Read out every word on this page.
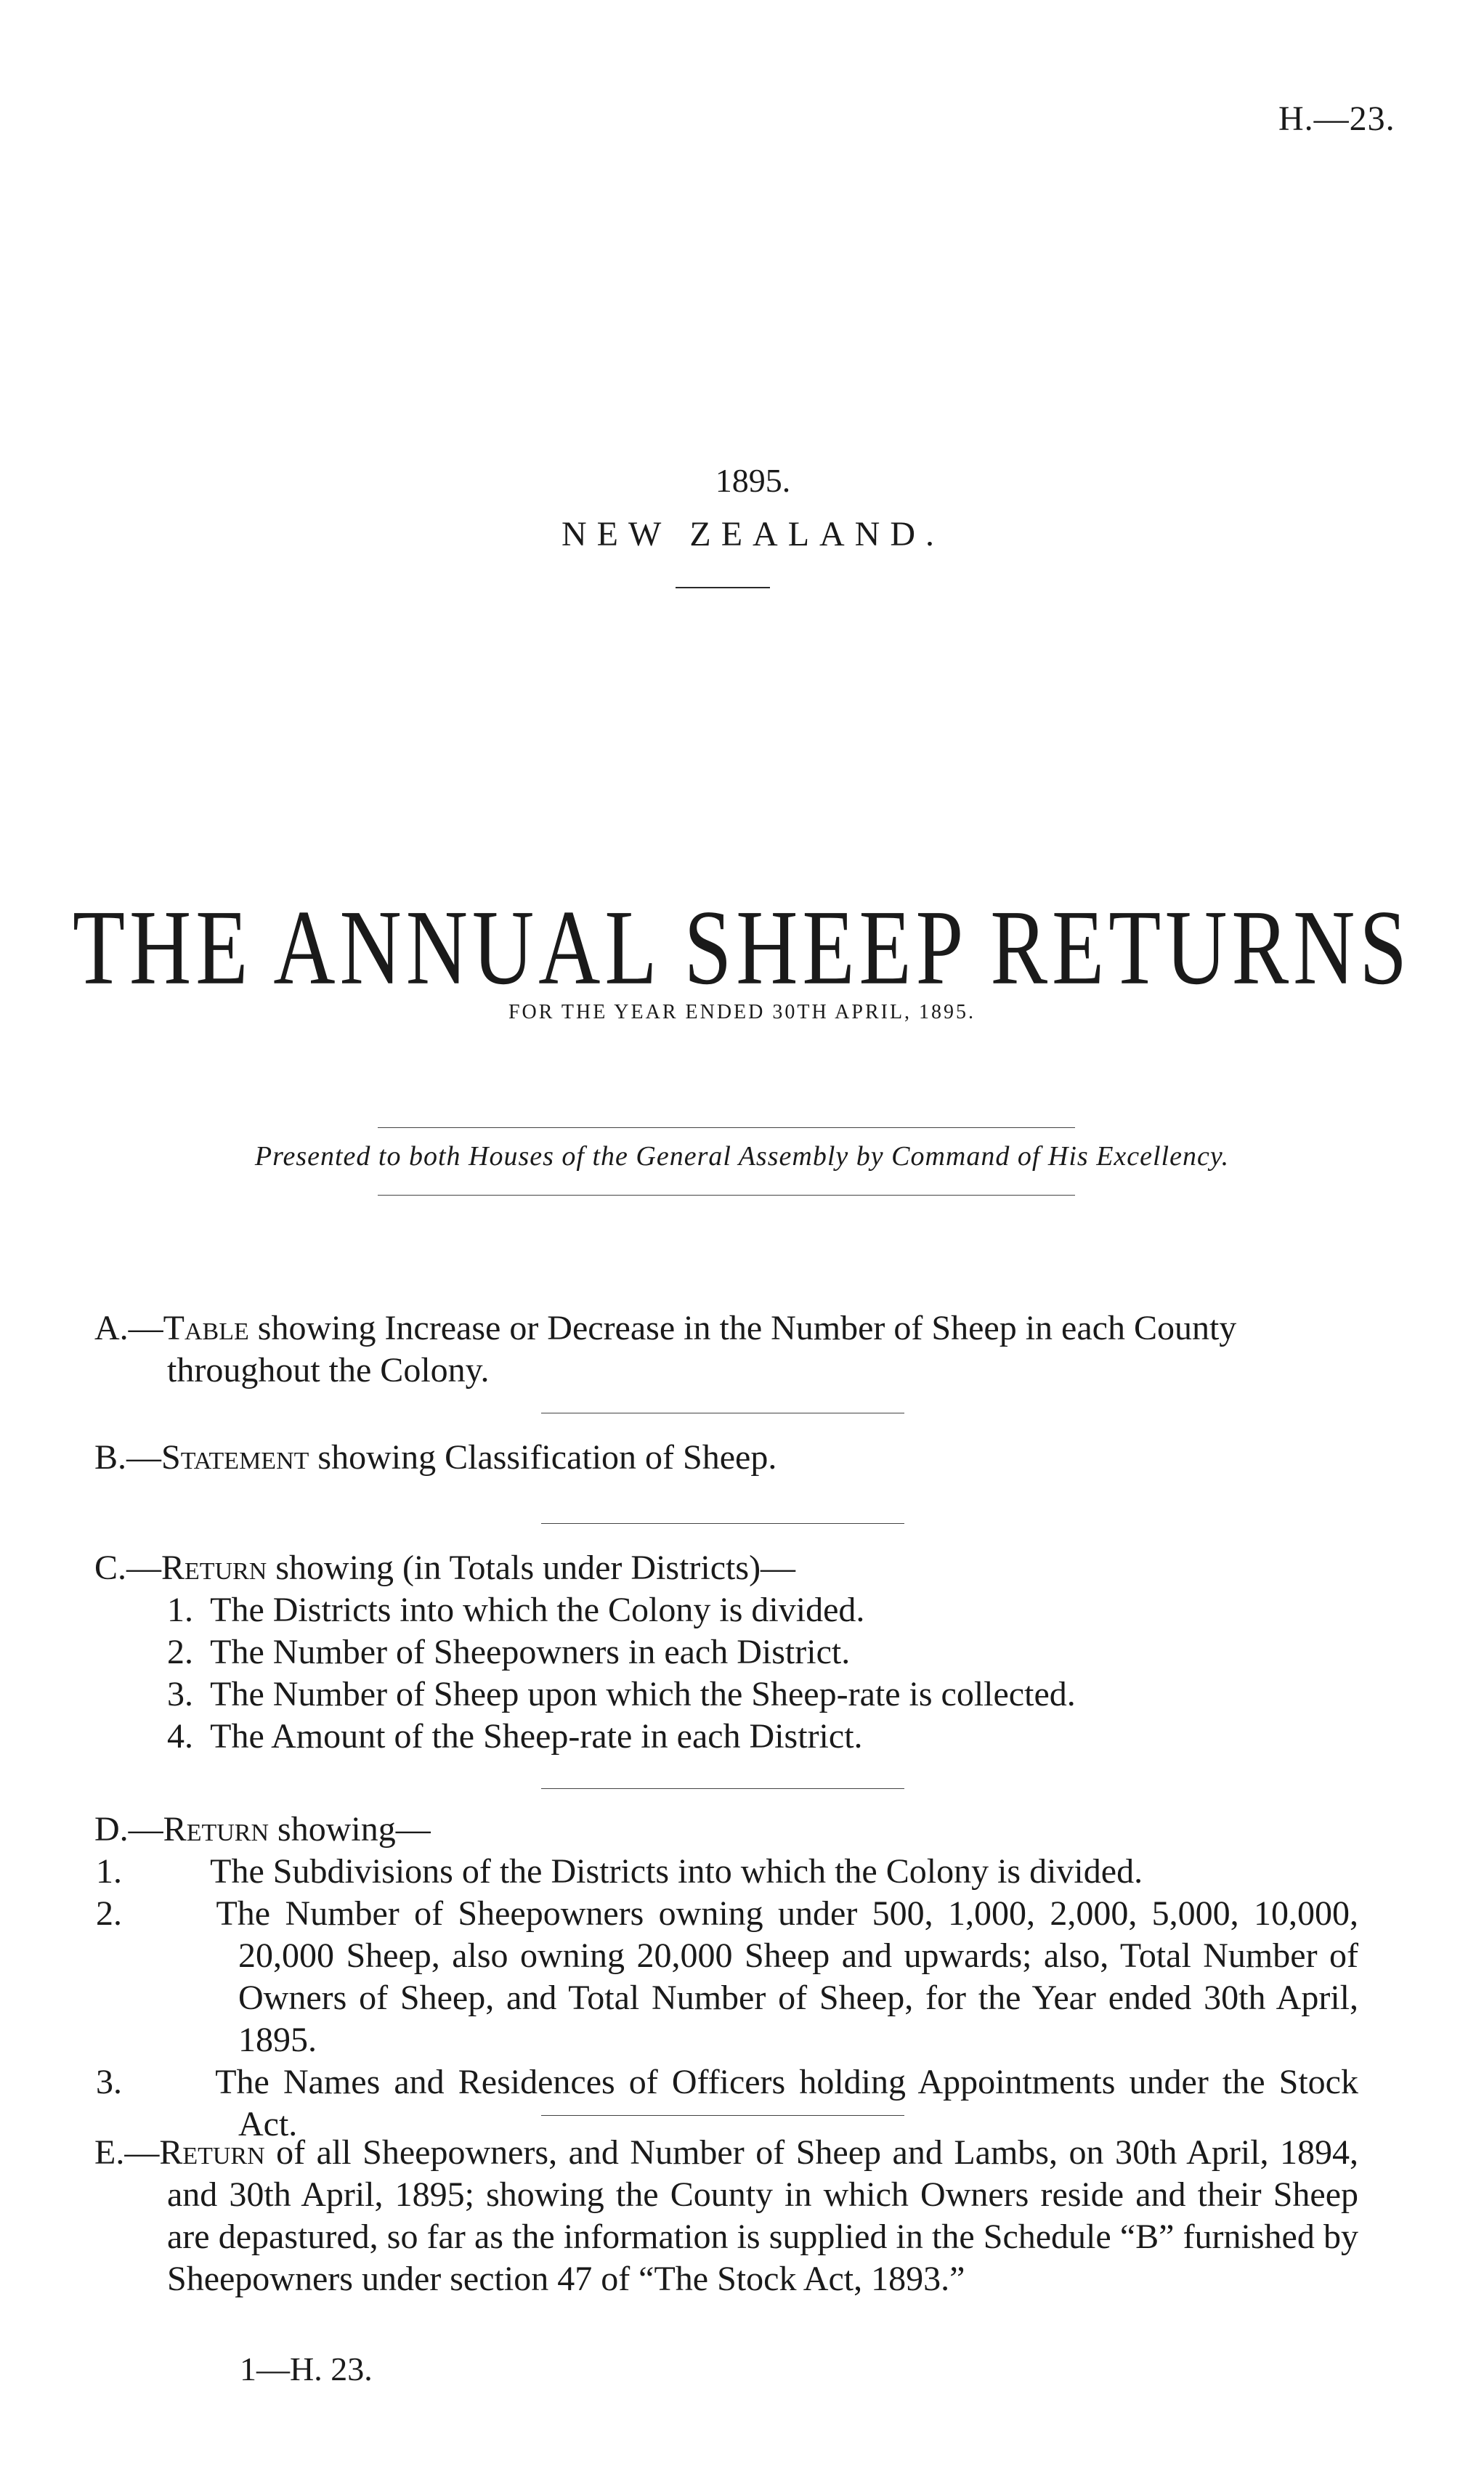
H.—23.
1895.
NEW ZEALAND.
THE ANNUAL SHEEP RETURNS
FOR THE YEAR ENDED 30TH APRIL, 1895.
Presented to both Houses of the General Assembly by Command of His Excellency.
A.—Table showing Increase or Decrease in the Number of Sheep in each County
throughout the Colony.
B.—Statement showing Classification of Sheep.
C.—Return showing (in Totals under Districts)—
1. The Districts into which the Colony is divided.
2. The Number of Sheepowners in each District.
3. The Number of Sheep upon which the Sheep-rate is collected.
4. The Amount of the Sheep-rate in each District.
D.—Return showing—
1.	The Subdivisions of the Districts into which the Colony is divided.
2.	The Number of Sheepowners owning under 500, 1,000, 2,000, 5,000, 10,000, 20,000 Sheep, also owning 20,000 Sheep and upwards; also, Total Number of Owners of Sheep, and Total Number of Sheep, for the Year ended 30th April, 1895.
3.	The Names and Residences of Officers holding Appointments under the Stock Act.
E.—Return of all Sheepowners, and Number of Sheep and Lambs, on 30th April, 1894, and 30th April, 1895; showing the County in which Owners reside and their Sheep are depastured, so far as the information is supplied in the Schedule “B” furnished by Sheepowners under section 47 of “The Stock Act, 1893.”
1—H. 23.
